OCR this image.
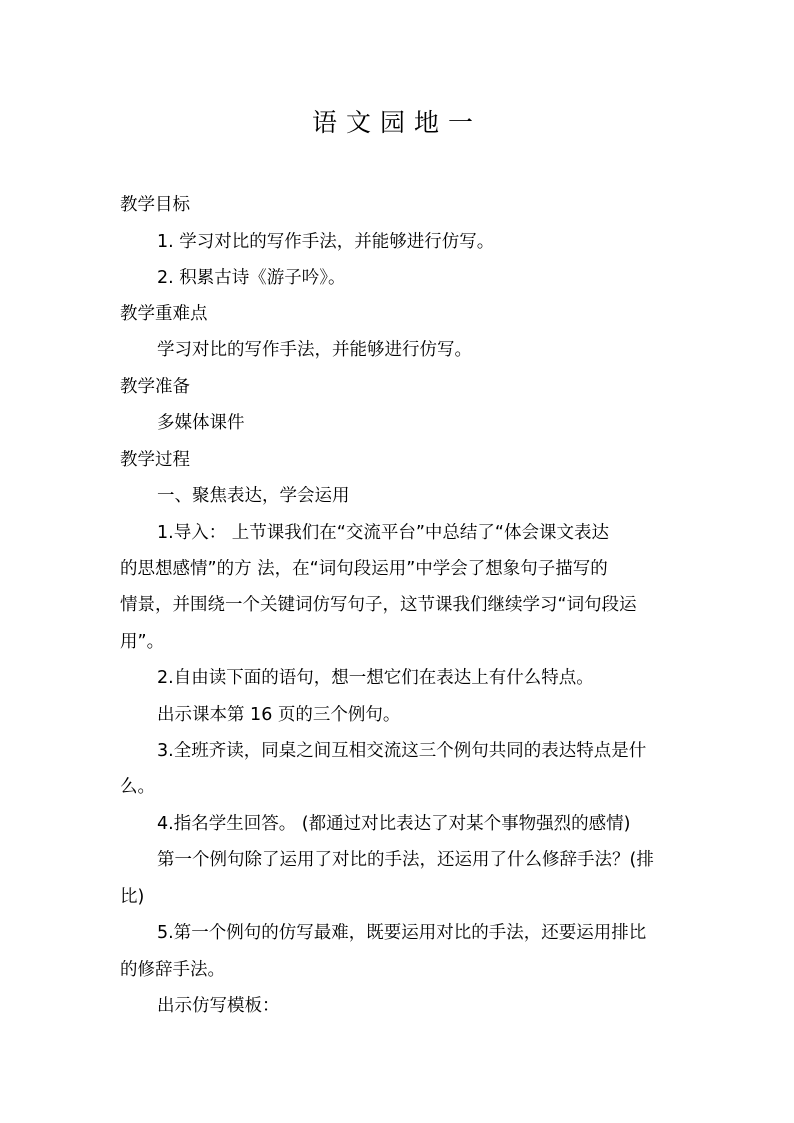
语文园地一
教学目标
1. 学习对比的写作手法，并能够进行仿写。
2. 积累古诗《游子吟》。
教学重难点
学习对比的写作手法，并能够进行仿写。
教学准备
多媒体课件
教学过程
一、聚焦表达，学会运用
1.导入： 上节课我们在“交流平台”中总结了“体会课文表达
的思想感情”的方 法，在“词句段运用”中学会了想象句子描写的
情景，并围绕一个关键词仿写句子，这节课我们继续学习“词句段运
用”。
2.自由读下面的语句，想一想它们在表达上有什么特点。
出示课本第 16 页的三个例句。
3.全班齐读，同桌之间互相交流这三个例句共同的表达特点是什
么。
4.指名学生回答。 (都通过对比表达了对某个事物强烈的感情)
第一个例句除了运用了对比的手法，还运用了什么修辞手法？(排
比)
5.第一个例句的仿写最难，既要运用对比的手法，还要运用排比
的修辞手法。
出示仿写模板：
